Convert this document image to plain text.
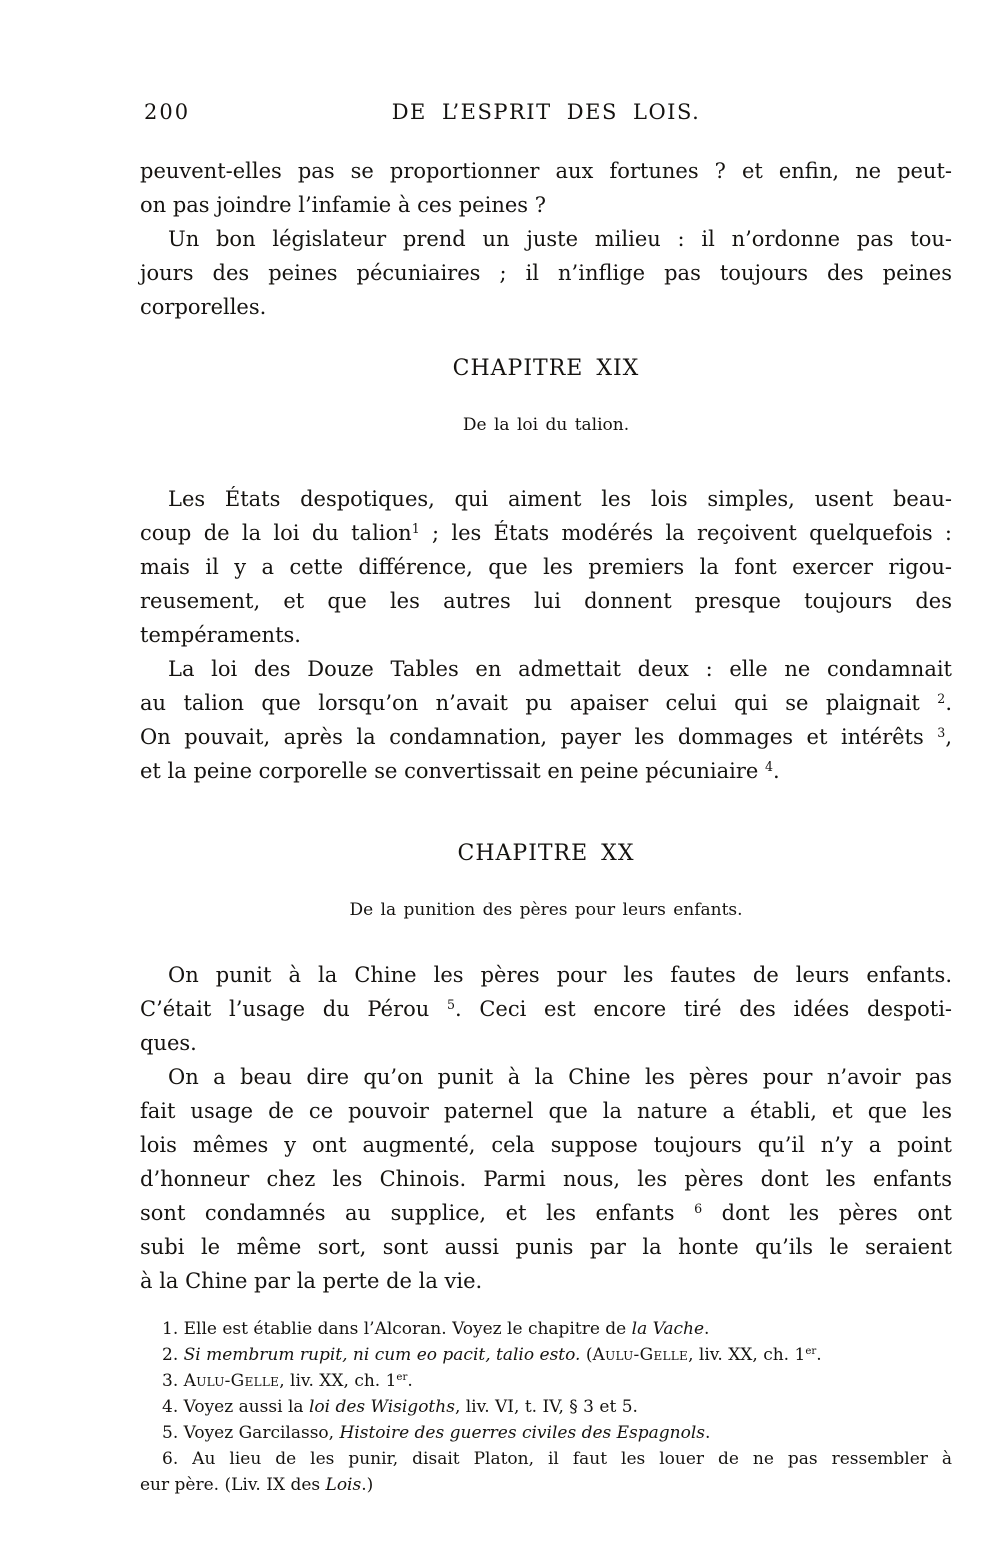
200	DE L’ESPRIT DES LOIS.
peuvent-elles pas se proportionner aux fortunes ? et enfin, ne peut-
on pas joindre l’infamie à ces peines ?
Un bon législateur prend un juste milieu : il n’ordonne pas tou-
jours des peines pécuniaires ; il n’inflige pas toujours des peines
corporelles.
CHAPITRE XIX
De la loi du talion.
Les États despotiques, qui aiment les lois simples, usent beau-
coup de la loi du talion$^1$ ; les États modérés la reçoivent quelquefois :
mais il y a cette différence, que les premiers la font exercer rigou-
reusement, et que les autres lui donnent presque toujours des
tempéraments.
La loi des Douze Tables en admettait deux : elle ne condamnait
au talion que lorsqu’on n’avait pu apaiser celui qui se plaignait $^2$.
On pouvait, après la condamnation, payer les dommages et intérêts $^3$,
et la peine corporelle se convertissait en peine pécuniaire $^4$.
CHAPITRE XX
De la punition des pères pour leurs enfants.
On punit à la Chine les pères pour les fautes de leurs enfants.
C’était l’usage du Pérou $^5$. Ceci est encore tiré des idées despoti-
ques.
On a beau dire qu’on punit à la Chine les pères pour n’avoir pas
fait usage de ce pouvoir paternel que la nature a établi, et que les
lois mêmes y ont augmenté, cela suppose toujours qu’il n’y a point
d’honneur chez les Chinois. Parmi nous, les pères dont les enfants
sont condamnés au supplice, et les enfants $^6$ dont les pères ont
subi le même sort, sont aussi punis par la honte qu’ils le seraient
à la Chine par la perte de la vie.
1. Elle est établie dans l’Alcoran. Voyez le chapitre de la Vache.
2. Si membrum rupit, ni cum eo pacit, talio esto. (Aulu-Gelle, liv. XX, ch. 1er.
3. Aulu-Gelle, liv. XX, ch. 1er.
4. Voyez aussi la loi des Wisigoths, liv. VI, t. IV, § 3 et 5.
5. Voyez Garcilasso, Histoire des guerres civiles des Espagnols.
6. Au lieu de les punir, disait Platon, il faut les louer de ne pas ressembler à
eur père. (Liv. IX des Lois.)
